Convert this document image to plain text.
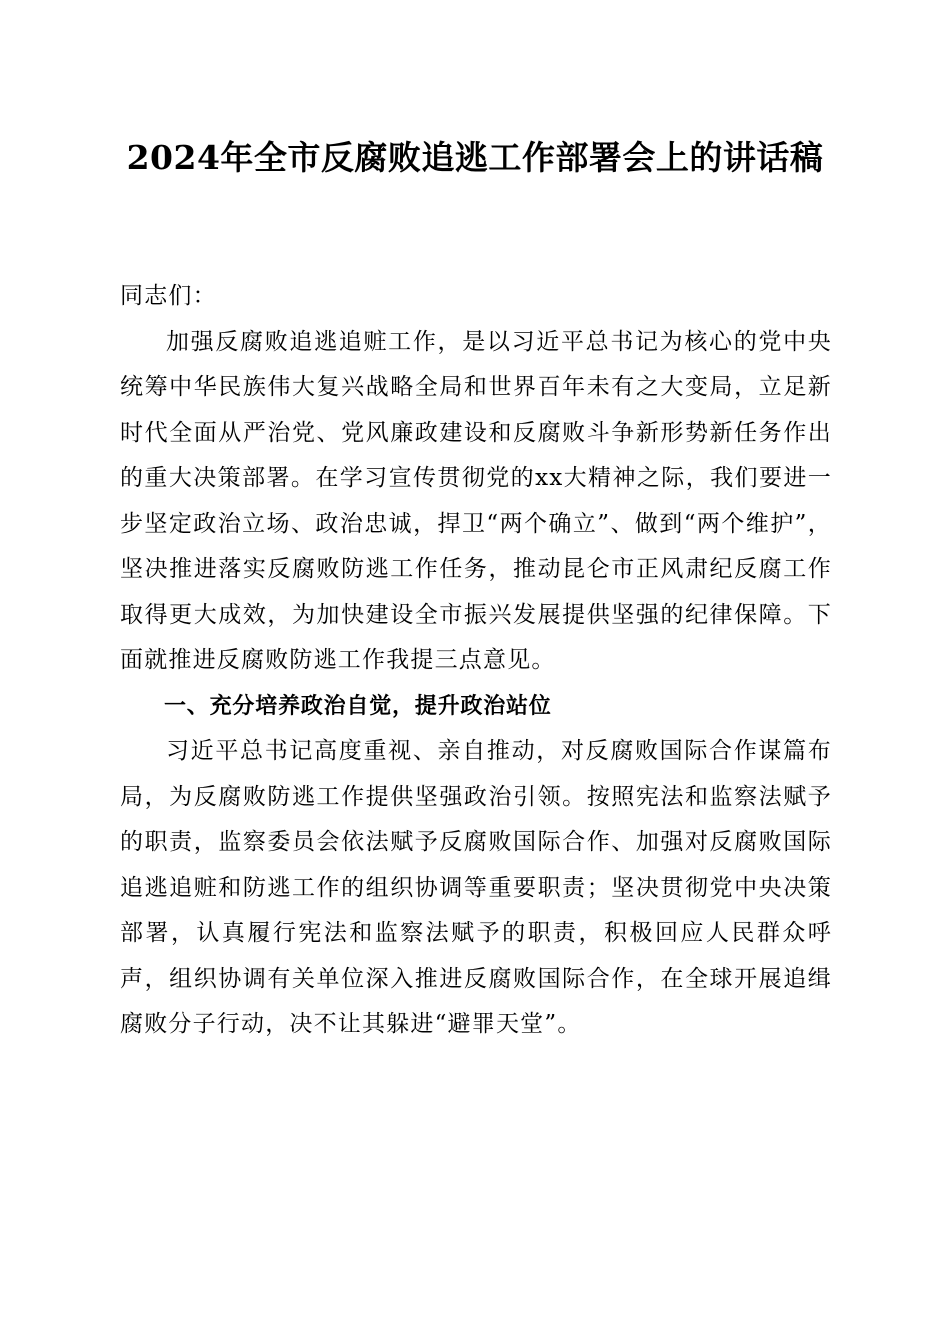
2024年全市反腐败追逃工作部署会上的讲话稿

同志们：

加强反腐败追逃追赃工作，是以习近平总书记为核心的党中央统筹中华民族伟大复兴战略全局和世界百年未有之大变局，立足新时代全面从严治党、党风廉政建设和反腐败斗争新形势新任务作出的重大决策部署。在学习宣传贯彻党的xx大精神之际，我们要进一步坚定政治立场、政治忠诚，捍卫“两个确立”、做到“两个维护”，坚决推进落实反腐败防逃工作任务，推动昆仑市正风肃纪反腐工作取得更大成效，为加快建设全市振兴发展提供坚强的纪律保障。下面就推进反腐败防逃工作我提三点意见。

一、充分培养政治自觉，提升政治站位

习近平总书记高度重视、亲自推动，对反腐败国际合作谋篇布局，为反腐败防逃工作提供坚强政治引领。按照宪法和监察法赋予的职责，监察委员会依法赋予反腐败国际合作、加强对反腐败国际追逃追赃和防逃工作的组织协调等重要职责；坚决贯彻党中央决策部署，认真履行宪法和监察法赋予的职责，积极回应人民群众呼声，组织协调有关单位深入推进反腐败国际合作，在全球开展追缉腐败分子行动，决不让其躲进“避罪天堂”。
